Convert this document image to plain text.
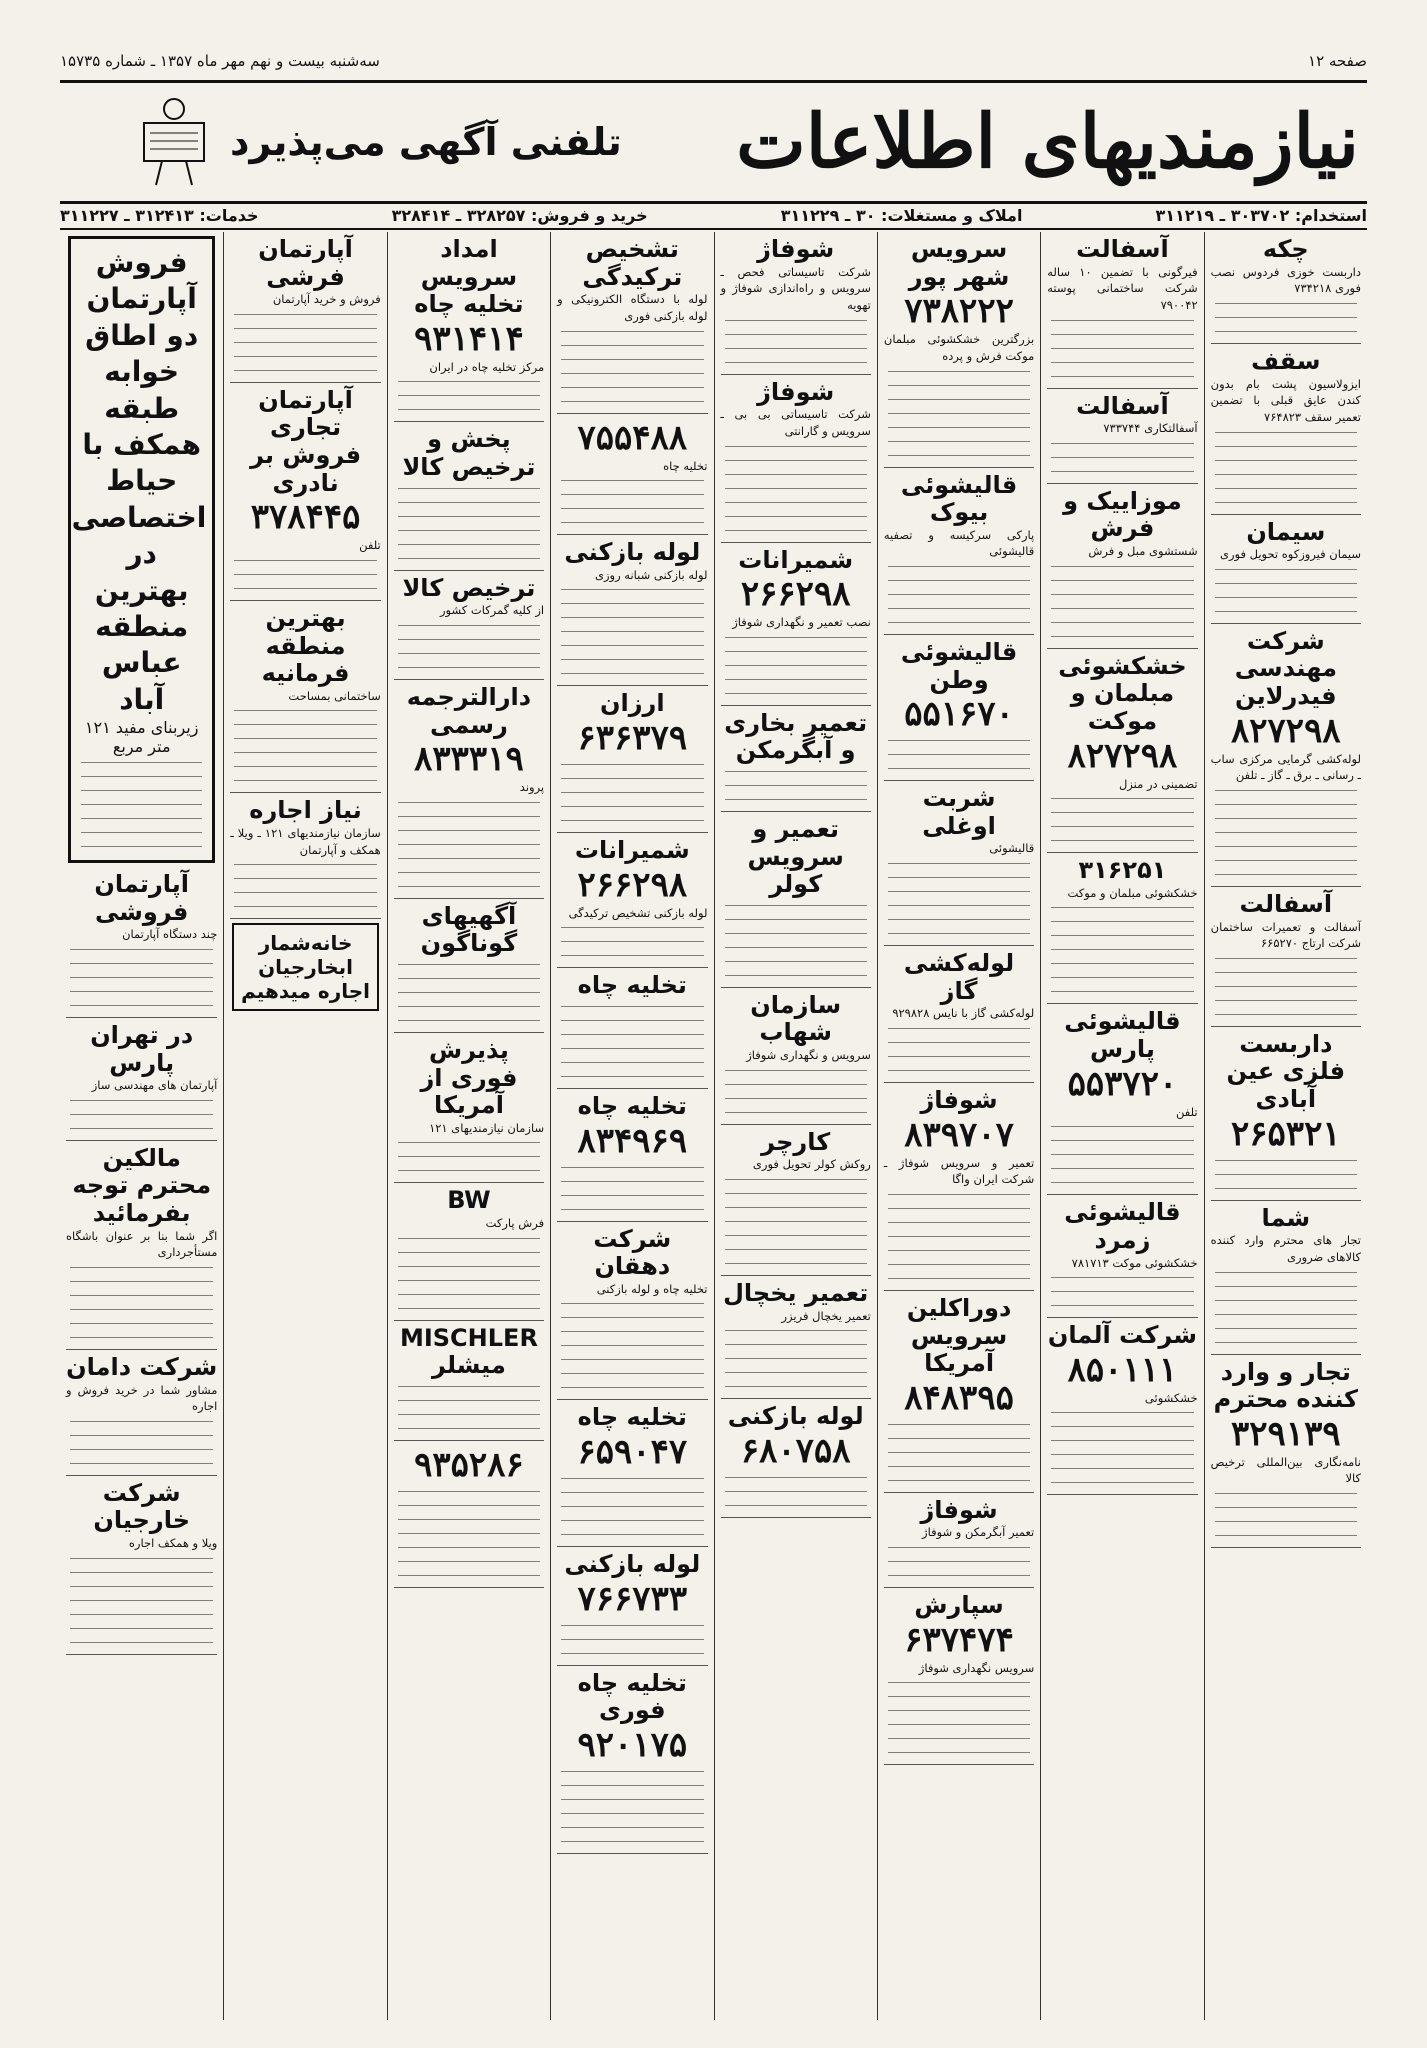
صفحه ۱۲
سه‌شنبه بیست و نهم مهر ماه ۱۳۵۷ ـ شماره ۱۵۷۳۵
نیازمندیهای اطلاعات
تلفنی آگهی می‌پذیرد
استخدام: ۳۰۳۷۰۲ ـ ۳۱۱۲۱۹
املاک و مستغلات: ۳۰ ـ ۳۱۱۲۲۹
خرید و فروش: ۳۲۸۲۵۷ ـ ۳۲۸۴۱۴
خدمات: ۳۱۲۴۱۳ ـ ۳۱۱۲۲۷
چکه
داربست خوزی فردوس نصب فوری ۷۳۴۲۱۸
سقف
ایزولاسیون پشت بام بدون کندن عایق قبلی با تضمین تعمیر سقف ۷۶۴۸۲۳
سیمان
سیمان فیروزکوه تحویل فوری
شرکت مهندسی فیدرلاین
۸۲۷۲۹۸
لوله‌کشی گرمایی مرکزی ساب ـ رسانی ـ برق ـ گاز ـ تلفن
آسفالت
آسفالت و تعمیرات ساختمان شرکت ارتاج ۶۶۵۲۷۰
داربست فلزی عین آبادی
۲۶۵۳۲۱
شما
تجار های محترم وارد کننده کالاهای ضروری
تجار و وارد کننده محترم
۳۲۹۱۳۹
نامه‌نگاری بین‌المللی ترخیص کالا
آسفالت
فیرگونی با تضمین ۱۰ ساله شرکت ساختمانی پوسته ۷۹۰۰۴۲
آسفالت
آسفالتکاری ۷۳۳۷۴۴
موزاییک و فرش
شستشوی مبل و فرش
خشکشوئی مبلمان و موکت
۸۲۷۲۹۸
تضمینی در منزل
۳۱۶۲۵۱
خشکشوئی مبلمان و موکت
قالیشوئی پارس
۵۵۳۷۲۰
تلفن
قالیشوئی زمرد
خشکشوئی موکت ۷۸۱۷۱۳
شرکت آلمان
۸۵۰۱۱۱
خشکشوئی
سرویس شهر پور
۷۳۸۲۲۲
بزرگترین خشکشوئی مبلمان موکت فرش و پرده
قالیشوئی بیوک
پارکی سرکیسه و تصفیه قالیشوئی
قالیشوئی وطن
۵۵۱۶۷۰
شربت اوغلی
قالیشوئی
لوله‌کشی گاز
لوله‌کشی گاز با نایس ۹۲۹۸۲۸
شوفاژ
۸۳۹۷۰۷
تعمیر و سرویس شوفاژ ـ شرکت ایران واگا
دوراکلین سرویس آمریکا
۸۴۸۳۹۵
شوفاژ
تعمیر آبگرمکن و شوفاژ
سپارش
۶۳۷۴۷۴
سرویس نگهداری شوفاژ
شوفاژ
شرکت تاسیساتی فحص ـ سرویس و راه‌اندازی شوفاژ و تهویه
شوفاژ
شرکت تاسیساتی بی بی ـ سرویس و گارانتی
شمیرانات
۲۶۶۲۹۸
نصب تعمیر و نگهداری شوفاژ
تعمیر بخاری و آبگرمکن
تعمیر و سرویس کولر
سازمان شهاب
سرویس و نگهداری شوفاژ
کارچر
روکش کولر تحویل فوری
تعمیر یخچال
تعمیر یخچال فریزر
لوله بازکنی
۶۸۰۷۵۸
تشخیص ترکیدگی
لوله با دستگاه الکترونیکی و لوله بازکنی فوری
۷۵۵۴۸۸
تخلیه چاه
لوله بازکنی
لوله بازکنی شبانه روزی
ارزان
۶۳۶۳۷۹
شمیرانات
۲۶۶۲۹۸
لوله بازکنی تشخیص ترکیدگی
تخلیه چاه
تخلیه چاه
۸۳۴۹۶۹
شرکت دهقان
تخلیه چاه و لوله بازکنی
تخلیه چاه
۶۵۹۰۴۷
لوله بازکنی
۷۶۶۷۳۳
تخلیه چاه فوری
۹۲۰۱۷۵
امداد سرویس تخلیه چاه
۹۳۱۴۱۴
مرکز تخلیه چاه در ایران
پخش و ترخیص کالا
ترخیص کالا
از کلیه گمرکات کشور
دارالترجمه رسمی
۸۳۳۳۱۹
پروند
آگهیهای گوناگون
پذیرش فوری از آمریکا
سازمان نیازمندیهای ۱۲۱
BW
فرش پارکت
MISCHLER میشلر
۹۳۵۲۸۶
آپارتمان فرشی
فروش و خرید آپارتمان
آپارتمان تجاری فروش بر نادری
۳۷۸۴۴۵
تلفن
بهترین منطقه فرمانیه
ساختمانی بمساحت
نیاز اجاره
سازمان نیازمندیهای ۱۲۱ ـ ویلا ـ همکف و آپارتمان
خانه‌شمار ابخارجیان اجاره میدهیم
فروش آپارتمان دو اطاق خوابه طبقه همکف با حیاط اختصاصی در بهترین منطقه عباس آباد
زیربنای مفید ۱۲۱ متر مربع
آپارتمان فروشی
چند دستگاه آپارتمان
در تهران پارس
آپارتمان های مهندسی ساز
مالکین محترم توجه بفرمائید
اگر شما بنا بر عنوان باشگاه مستأجرداری
شرکت دامان
مشاور شما در خرید فروش و اجاره
شرکت خارجیان
ویلا و همکف اجاره
